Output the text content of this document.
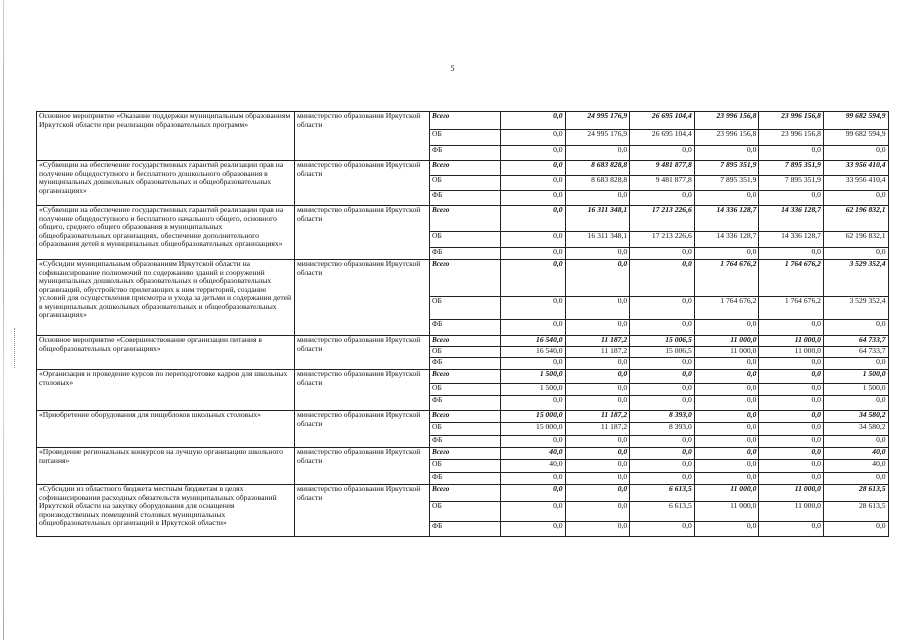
5
Основное мероприятие «Оказание поддержки муниципальным образованиям Иркутской области при реализации образовательных программ»	министерство образования Иркутской области	Всего	0,0	24 995 176,9	26 695 104,4	23 996 156,8	23 996 156,8	99 682 594,9
		ОБ	0,0	24 995 176,9	26 695 104,4	23 996 156,8	23 996 156,8	99 682 594,9
		ФБ	0,0	0,0	0,0	0,0	0,0	0,0
«Субвенции на обеспечение государственных гарантий реализации прав на получение общедоступного и бесплатного дошкольного образования в муниципальных дошкольных образовательных и общеобразовательных организациях»	министерство образования Иркутской области	Всего	0,0	8 683 828,8	9 481 877,8	7 895 351,9	7 895 351,9	33 956 410,4
		ОБ	0,0	8 683 828,8	9 481 877,8	7 895 351,9	7 895 351,9	33 956 410,4
		ФБ	0,0	0,0	0,0	0,0	0,0	0,0
«Субвенции на обеспечение государственных гарантий реализации прав на получение общедоступного и бесплатного начального общего, основного общего, среднего общего образования в муниципальных общеобразовательных организациях, обеспечение дополнительного образования детей в муниципальных общеобразовательных организациях»	министерство образования Иркутской области	Всего	0,0	16 311 348,1	17 213 226,6	14 336 128,7	14 336 128,7	62 196 832,1
		ОБ	0,0	16 311 348,1	17 213 226,6	14 336 128,7	14 336 128,7	62 196 832,1
		ФБ	0,0	0,0	0,0	0,0	0,0	0,0
«Субсидии муниципальным образованиям Иркутской области на софинансирование полномочий по содержанию зданий и сооружений муниципальных дошкольных образовательных и общеобразовательных организаций, обустройство прилегающих к ним территорий, создание условий для осуществления присмотра и ухода за детьми и содержания детей в муниципальных дошкольных образовательных и общеобразовательных организациях»	министерство образования Иркутской области	Всего	0,0	0,0	0,0	1 764 676,2	1 764 676,2	3 529 352,4
		ОБ	0,0	0,0	0,0	1 764 676,2	1 764 676,2	3 529 352,4
		ФБ	0,0	0,0	0,0	0,0	0,0	0,0
Основное мероприятие «Совершенствование организации питания в общеобразовательных организациях»	министерство образования Иркутской области	Всего	16 540,0	11 187,2	15 006,5	11 000,0	11 000,0	64 733,7
		ОБ	16 540,0	11 187,2	15 006,5	11 000,0	11 000,0	64 733,7
		ФБ	0,0	0,0	0,0	0,0	0,0	0,0
«Организация и проведение курсов по переподготовке кадров для школьных столовых»	министерство образования Иркутской области	Всего	1 500,0	0,0	0,0	0,0	0,0	1 500,0
		ОБ	1 500,0	0,0	0,0	0,0	0,0	1 500,0
		ФБ	0,0	0,0	0,0	0,0	0,0	0,0
«Приобретение оборудования для пищеблоков школьных столовых»	министерство образования Иркутской области	Всего	15 000,0	11 187,2	8 393,0	0,0	0,0	34 580,2
		ОБ	15 000,0	11 187,2	8 393,0	0,0	0,0	34 580,2
		ФБ	0,0	0,0	0,0	0,0	0,0	0,0
«Проведение региональных конкурсов на лучшую организацию школьного питания»	министерство образования Иркутской области	Всего	40,0	0,0	0,0	0,0	0,0	40,0
		ОБ	40,0	0,0	0,0	0,0	0,0	40,0
		ФБ	0,0	0,0	0,0	0,0	0,0	0,0
«Субсидии из областного бюджета местным бюджетам в целях софинансирования расходных обязательств муниципальных образований Иркутской области на закупку оборудования для оснащения производственных помещений столовых муниципальных общеобразовательных организаций в Иркутской области»	министерство образования Иркутской области	Всего	0,0	0,0	6 613,5	11 000,0	11 000,0	28 613,5
		ОБ	0,0	0,0	6 613,5	11 000,0	11 000,0	28 613,5
		ФБ	0,0	0,0	0,0	0,0	0,0	0,0
